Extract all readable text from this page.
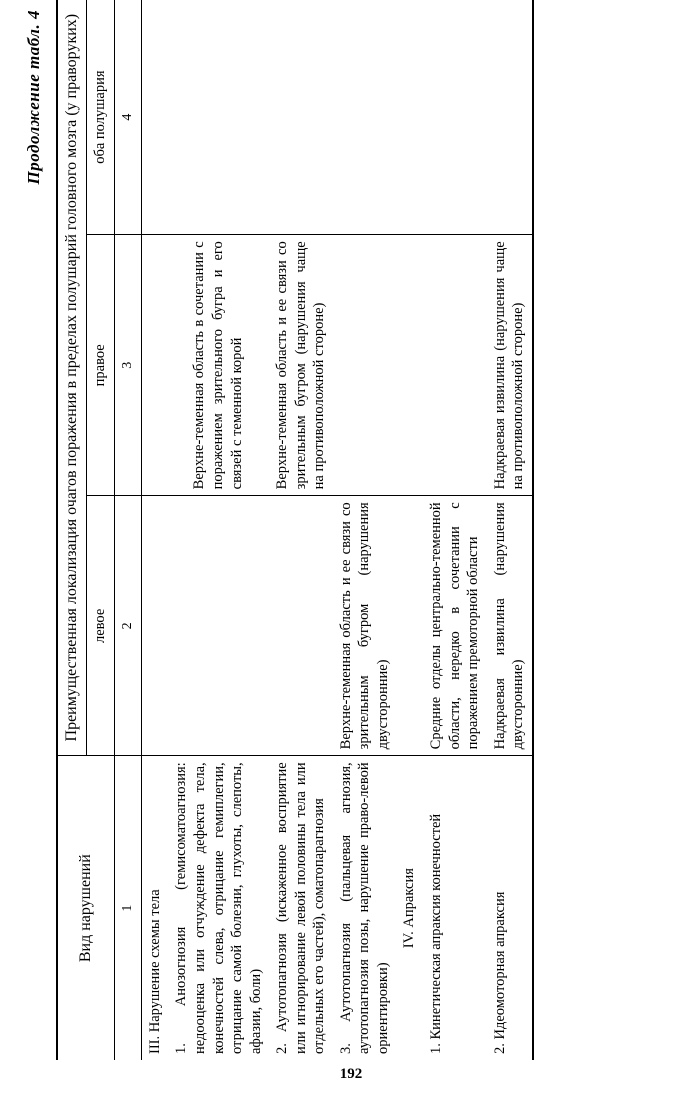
192
Продолжение табл. 4
Вид нарушений	Преимущественная локализация очагов поражения в пределах полушарий головного мозга (у праворуких)		
	левое	правое	оба полушария
1	2	3	4
III. Нарушение схемы тела			
1. Анозогнозия (гемисоматоагнозия: недооценка или отчуждение дефекта тела, конечностей слева, отрицание гемиплегии, отрицание самой болезни, глухоты, слепоты, афазии, боли)		Верхне-теменная область в сочетании с поражением зрительного бугра и его связей с теменной корой	
2. Аутотопагнозия (искаженное восприятие или игнорирование левой половины тела или отдельных его частей), соматопарагнозия		Верхне-теменная область и ее связи со зрительным бугром (нарушения чаще на противоположной стороне)	
3. Аутотопагнозия (пальцевая агнозия, аутотопагнозия позы, нарушение право-левой ориентировки)	Верхне-теменная область и ее связи со зрительным бугром (нарушения двусторонние)		
IV. Апраксия			
1. Кинетическая апраксия конечностей	Средние отделы центрально-теменной области, нередко в сочетании с поражением премоторной области		
2. Идеомоторная апраксия	Надкраевая извилина (нарушения двусторонние)	Надкраевая извилина (нарушения чаще на противоположной стороне)	
